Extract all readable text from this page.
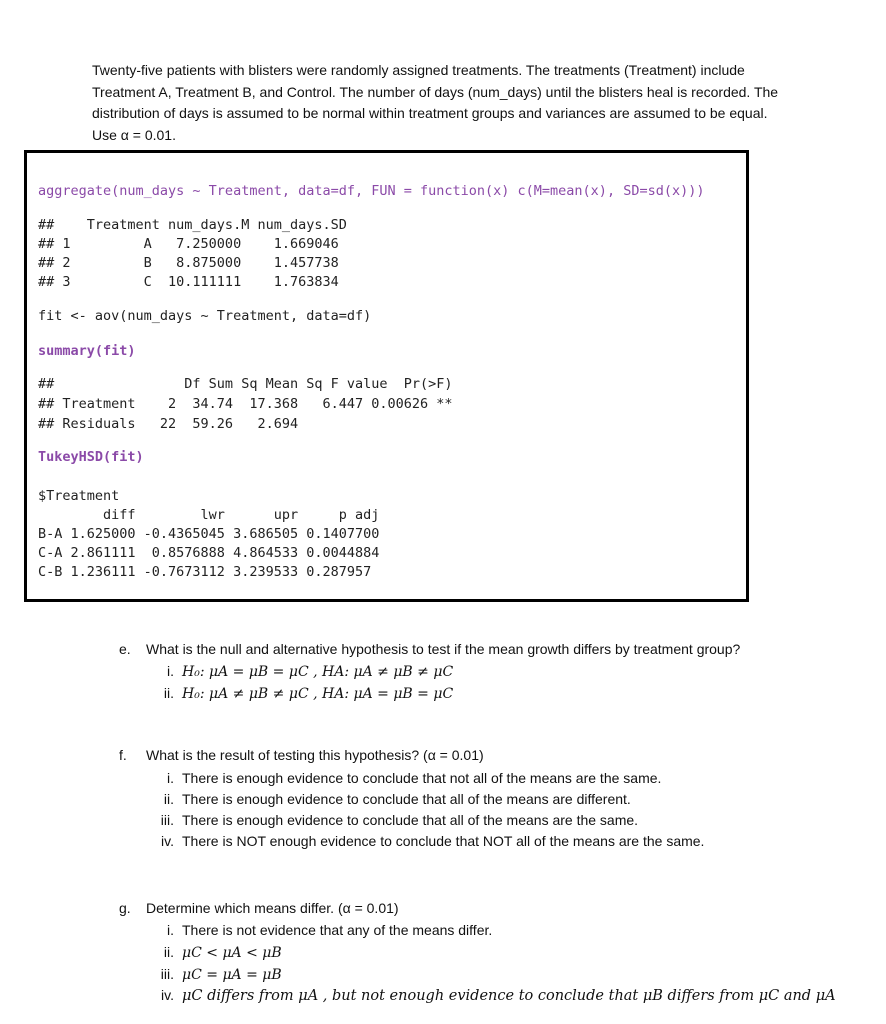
Twenty-five patients with blisters were randomly assigned treatments. The treatments (Treatment) include
Treatment A, Treatment B, and Control. The number of days (num_days) until the blisters heal is recorded. The
distribution of days is assumed to be normal within treatment groups and variances are assumed to be equal.
Use α = 0.01.
aggregate(num_days ~ Treatment, data=df, FUN = function(x) c(M=mean(x), SD=sd(x)))
##    Treatment num_days.M num_days.SD
## 1         A   7.250000    1.669046
## 2         B   8.875000    1.457738
## 3         C  10.111111    1.763834
fit <- aov(num_days ~ Treatment, data=df)
summary(fit)
##                Df Sum Sq Mean Sq F value  Pr(>F)
## Treatment    2  34.74  17.368   6.447 0.00626 **
## Residuals   22  59.26   2.694
TukeyHSD(fit)
$Treatment
diff        lwr      upr     p adj
B-A 1.625000 -0.4365045 3.686505 0.1407700
C-A 2.861111  0.8576888 4.864533 0.0044884
C-B 1.236111 -0.7673112 3.239533 0.287957
e. What is the null and alternative hypothesis to test if the mean growth differs by treatment group?
i. H₀: μA = μB = μC , HA: μA ≠ μB ≠ μC
ii. H₀: μA ≠ μB ≠ μC , HA: μA = μB = μC
f. What is the result of testing this hypothesis? (α = 0.01)
i. There is enough evidence to conclude that not all of the means are the same.
ii. There is enough evidence to conclude that all of the means are different.
iii. There is enough evidence to conclude that all of the means are the same.
iv. There is NOT enough evidence to conclude that NOT all of the means are the same.
g. Determine which means differ. (α = 0.01)
i. There is not evidence that any of the means differ.
ii. μC < μA < μB
iii. μC = μA = μB
iv. μC differs from μA , but not enough evidence to conclude that μB differs from μC and μA
